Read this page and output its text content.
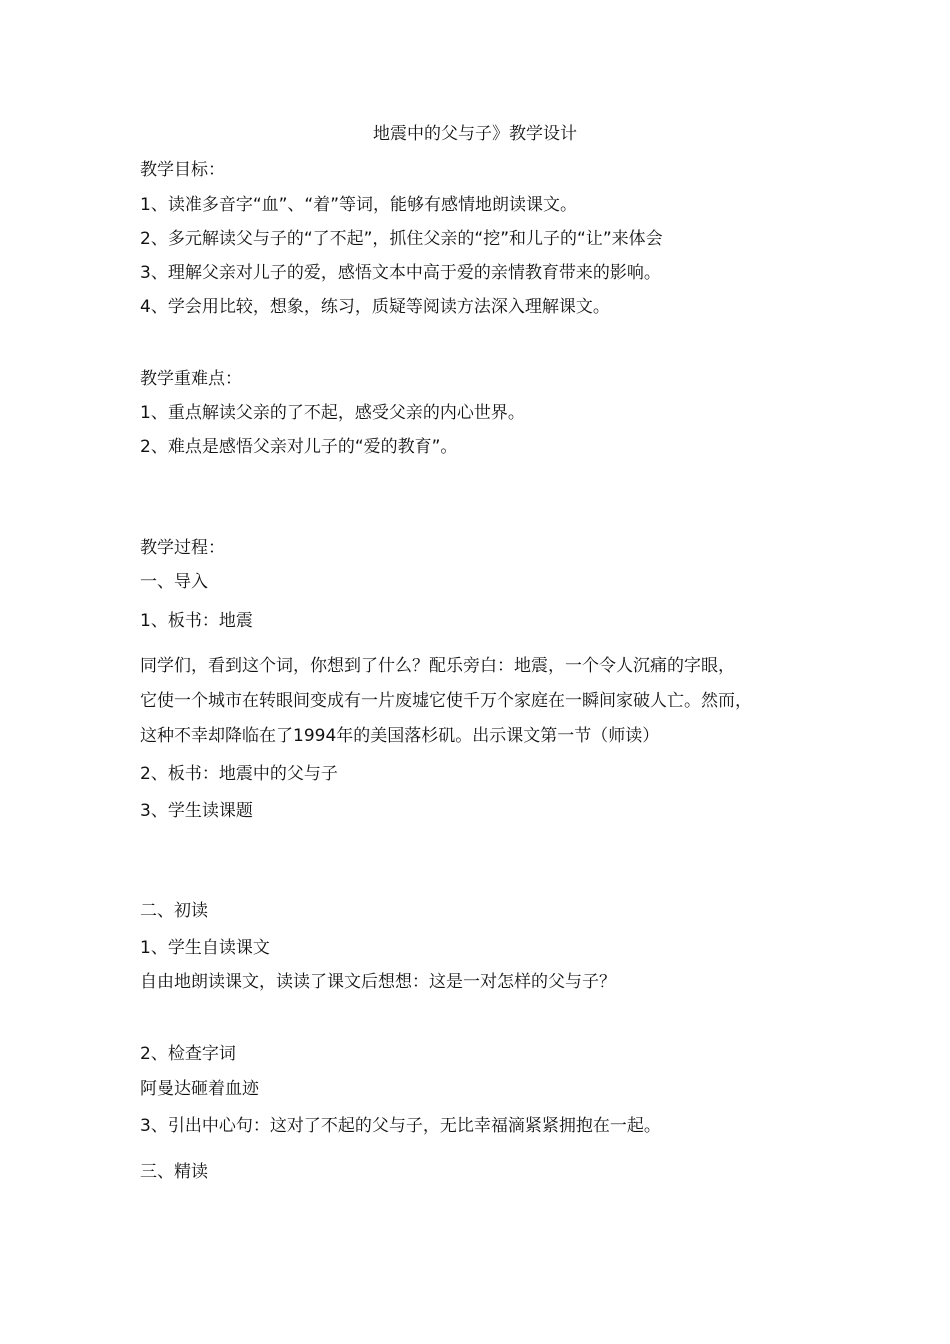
地震中的父与子》教学设计
教学目标：
1、读准多音字“血”、“着”等词，能够有感情地朗读课文。
2、多元解读父与子的“了不起”，抓住父亲的“挖”和儿子的“让”来体会
3、理解父亲对儿子的爱，感悟文本中高于爱的亲情教育带来的影响。
4、学会用比较，想象，练习，质疑等阅读方法深入理解课文。
教学重难点：
1、重点解读父亲的了不起，感受父亲的内心世界。
2、难点是感悟父亲对儿子的“爱的教育”。
教学过程：
一、导入
1、板书：地震
同学们，看到这个词，你想到了什么？配乐旁白：地震，一个令人沉痛的字眼，
它使一个城市在转眼间变成有一片废墟它使千万个家庭在一瞬间家破人亡。然而，
这种不幸却降临在了1994年的美国落杉矶。出示课文第一节（师读）
2、板书：地震中的父与子
3、学生读课题
二、初读
1、学生自读课文
自由地朗读课文，读读了课文后想想：这是一对怎样的父与子？
2、检查字词
阿曼达砸着血迹
3、引出中心句：这对了不起的父与子，无比幸福滴紧紧拥抱在一起。
三、精读
